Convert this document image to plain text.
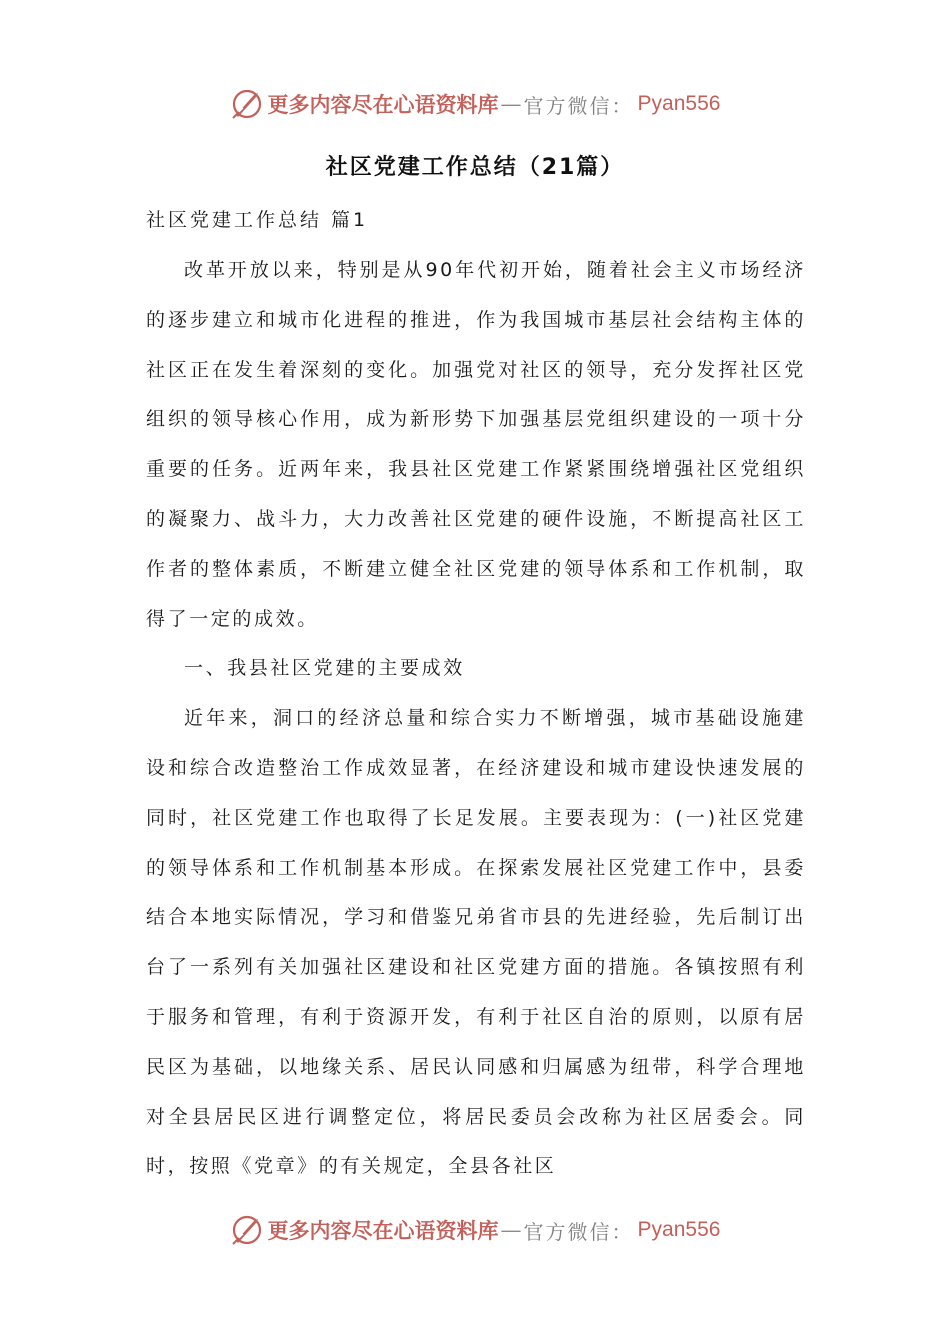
更多内容尽在心语资料库 — 官方微信： Pyan556
社区党建工作总结（21篇）
社区党建工作总结 篇1

改革开放以来，特别是从90年代初开始，随着社会主义市场经济的逐步建立和城市化进程的推进，作为我国城市基层社会结构主体的社区正在发生着深刻的变化。加强党对社区的领导，充分发挥社区党组织的领导核心作用，成为新形势下加强基层党组织建设的一项十分重要的任务。近两年来，我县社区党建工作紧紧围绕增强社区党组织的凝聚力、战斗力，大力改善社区党建的硬件设施，不断提高社区工作者的整体素质，不断建立健全社区党建的领导体系和工作机制，取得了一定的成效。

一、我县社区党建的主要成效

近年来，洞口的经济总量和综合实力不断增强，城市基础设施建设和综合改造整治工作成效显著，在经济建设和城市建设快速发展的同时，社区党建工作也取得了长足发展。主要表现为：(一)社区党建的领导体系和工作机制基本形成。在探索发展社区党建工作中，县委结合本地实际情况，学习和借鉴兄弟省市县的先进经验，先后制订出台了一系列有关加强社区建设和社区党建方面的措施。各镇按照有利于服务和管理，有利于资源开发，有利于社区自治的原则，以原有居民区为基础，以地缘关系、居民认同感和归属感为纽带，科学合理地对全县居民区进行调整定位，将居民委员会改称为社区居委会。同时，按照《党章》的有关规定，全县各社区

更多内容尽在心语资料库 — 官方微信： Pyan556
